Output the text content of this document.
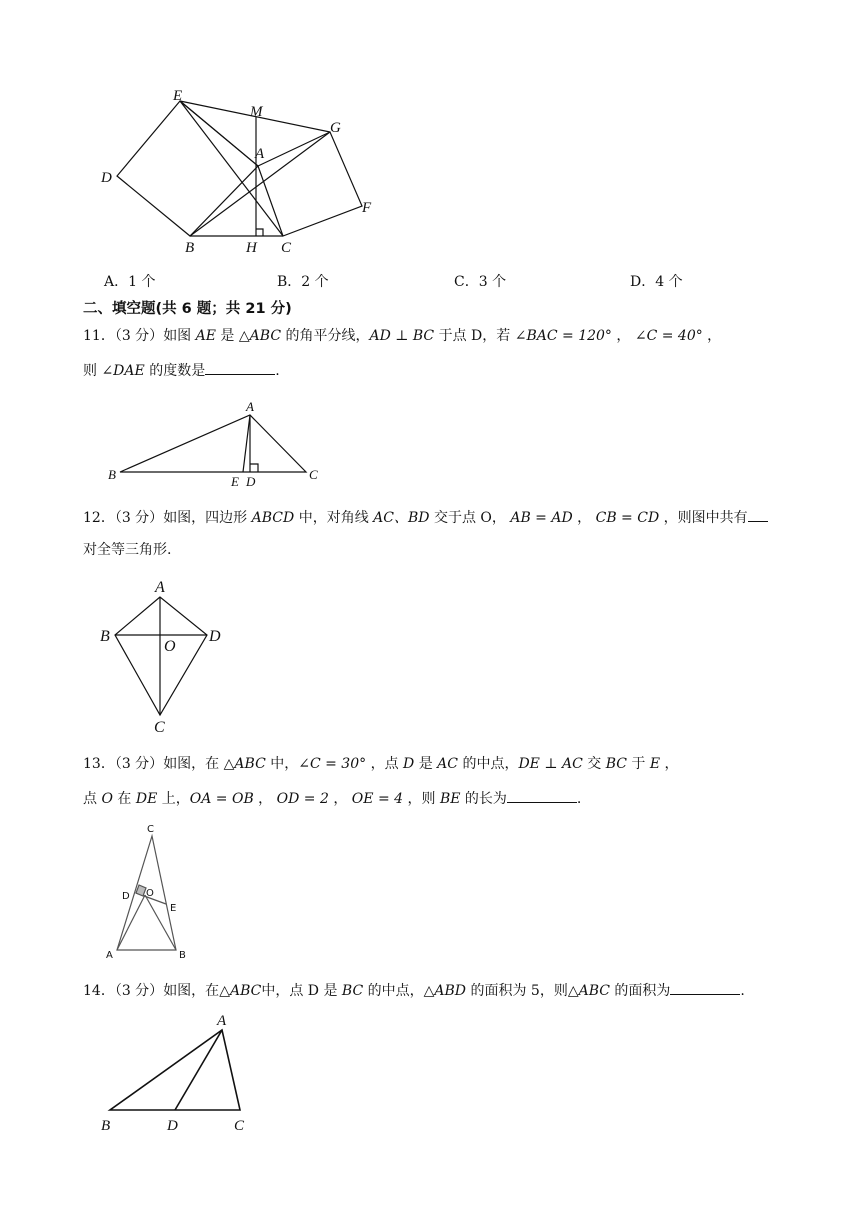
E
M
G
A
D
F
B	H C
A．1 个	B．2 个	C．3 个	D．4 个
二、填空题(共 6 题；共 21 分)
11．（3 分）如图 AE 是 △ABC 的角平分线，AD ⊥ BC 于点 D，若 ∠BAC = 120° ， ∠C = 40° ，
则 ∠DAE 的度数是	.
A
B	E D	C
12．（3 分）如图，四边形 ABCD 中，对角线 AC、BD 交于点 O， AB = AD ， CB = CD ，则图中共有
对全等三角形.
A
B
O
D
C
13．（3 分）如图，在 △ABC 中，∠C = 30° ，点 D 是 AC 的中点，DE ⊥ AC 交 BC 于 E ，
点 O 在 DE 上，OA = OB ， OD = 2 ， OE = 4 ，则 BE 的长为	.
C
D O
E
A	B
14．（3 分）如图，在△ABC中，点 D 是 BC 的中点，△ABD 的面积为 5，则△ABC 的面积为	.
A
B	D	C
